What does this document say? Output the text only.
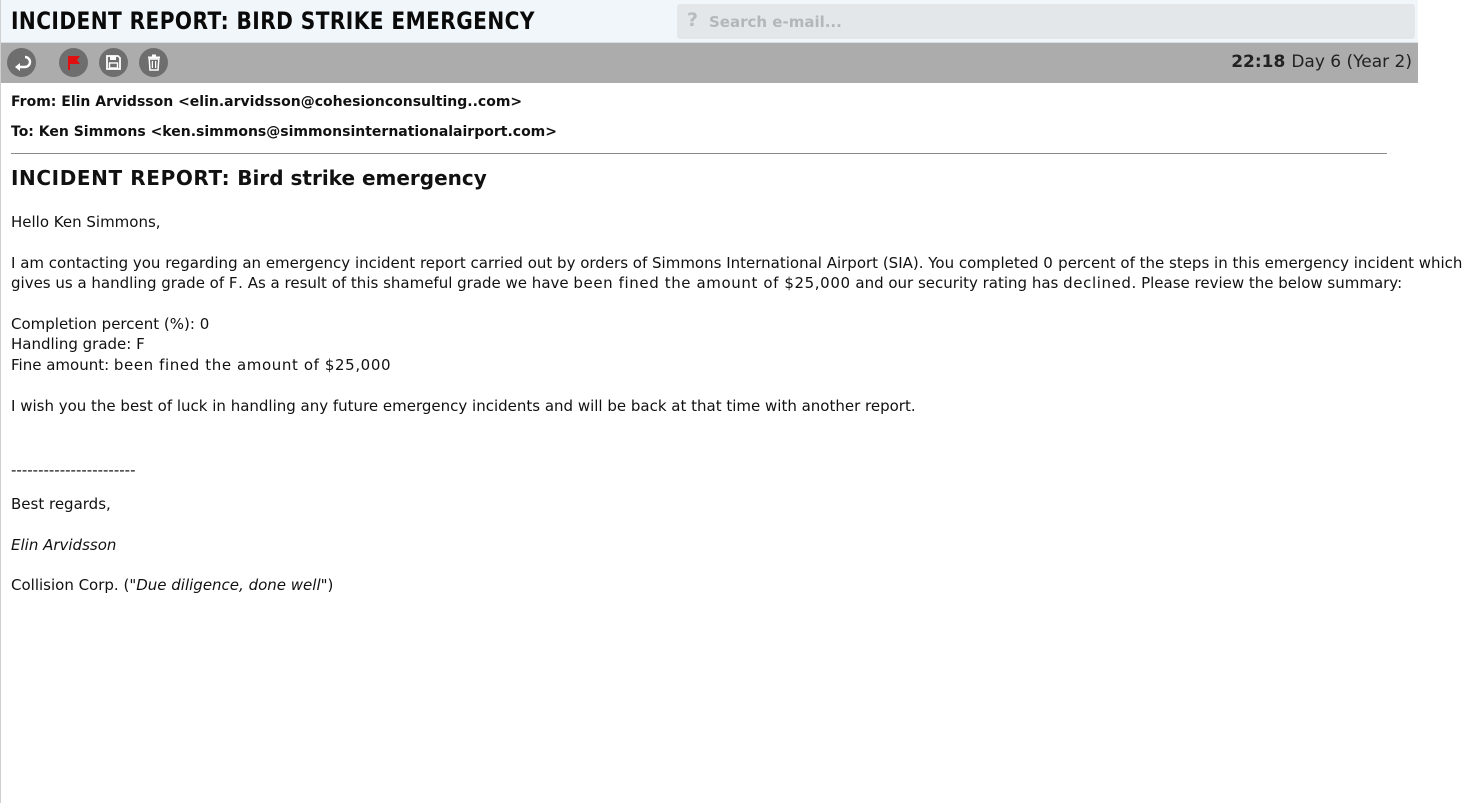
INCIDENT REPORT: BIRD STRIKE EMERGENCY	?
Search e-mail...
22:18 Day 6 (Year 2)
From: Elin Arvidsson <elin.arvidsson@cohesionconsulting..com>
To: Ken Simmons <ken.simmons@simmonsinternationalairport.com>
INCIDENT REPORT: Bird strike emergency
Hello Ken Simmons,
I am contacting you regarding an emergency incident report carried out by orders of Simmons International Airport (SIA). You completed 0 percent of the steps in this emergency incident which
gives us a handling grade of F. As a result of this shameful grade we have been fined the amount of $25,000 and our security rating has declined. Please review the below summary:
Completion percent (%): 0
Handling grade: F
Fine amount: been fined the amount of $25,000
I wish you the best of luck in handling any future emergency incidents and will be back at that time with another report.
-----------------------
Best regards,
Elin Arvidsson
Collision Corp. ("Due diligence, done well")
